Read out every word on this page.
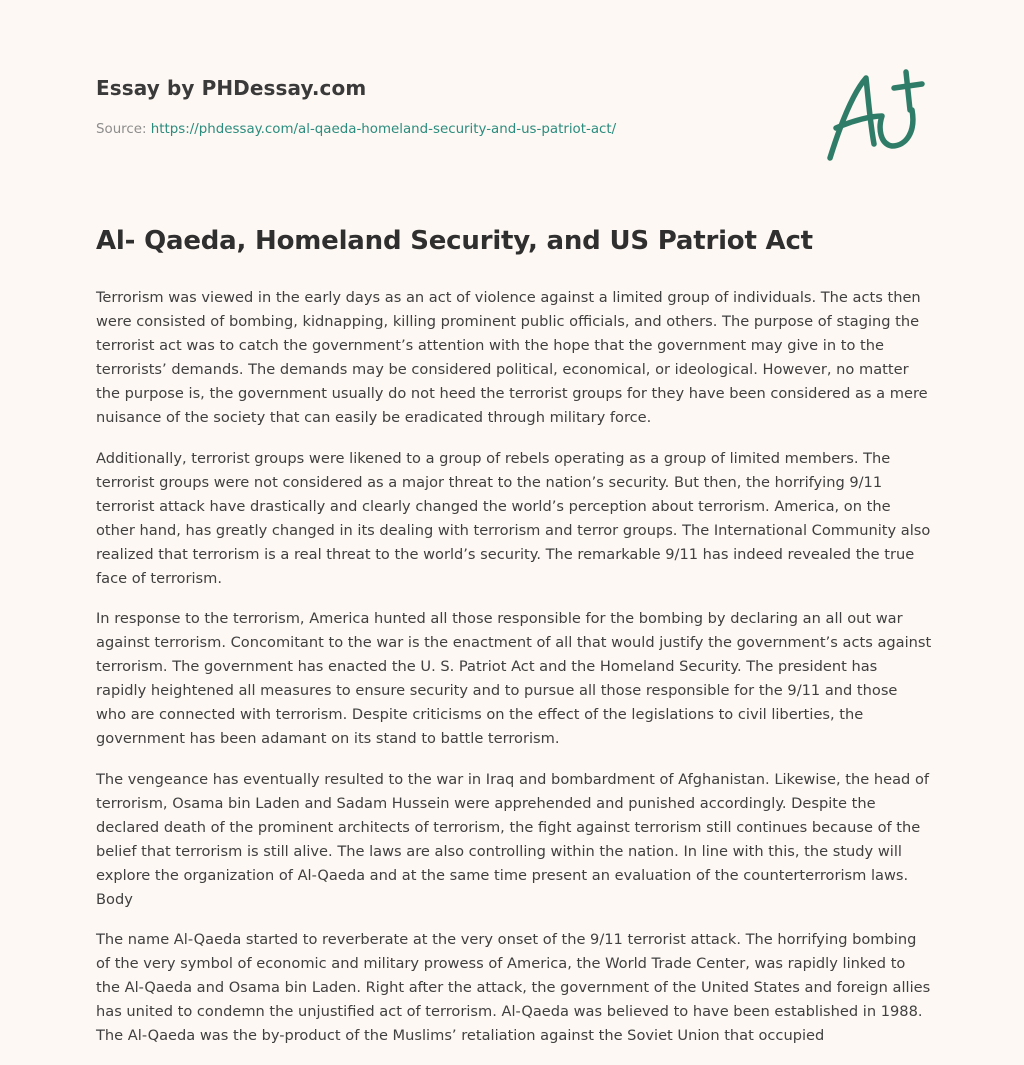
Essay by PHDessay.com
Source: https://phdessay.com/al-qaeda-homeland-security-and-us-patriot-act/
Al- Qaeda, Homeland Security, and US Patriot Act

Terrorism was viewed in the early days as an act of violence against a limited group of individuals. The acts then were consisted of bombing, kidnapping, killing prominent public officials, and others. The purpose of staging the terrorist act was to catch the government’s attention with the hope that the government may give in to the terrorists’ demands. The demands may be considered political, economical, or ideological. However, no matter the purpose is, the government usually do not heed the terrorist groups for they have been considered as a mere nuisance of the society that can easily be eradicated through military force.

Additionally, terrorist groups were likened to a group of rebels operating as a group of limited members. The terrorist groups were not considered as a major threat to the nation’s security. But then, the horrifying 9/11 terrorist attack have drastically and clearly changed the world’s perception about terrorism. America, on the other hand, has greatly changed in its dealing with terrorism and terror groups. The International Community also realized that terrorism is a real threat to the world’s security. The remarkable 9/11 has indeed revealed the true face of terrorism.

In response to the terrorism, America hunted all those responsible for the bombing by declaring an all out war against terrorism. Concomitant to the war is the enactment of all that would justify the government’s acts against terrorism. The government has enacted the U. S. Patriot Act and the Homeland Security. The president has rapidly heightened all measures to ensure security and to pursue all those responsible for the 9/11 and those who are connected with terrorism. Despite criticisms on the effect of the legislations to civil liberties, the government has been adamant on its stand to battle terrorism.

The vengeance has eventually resulted to the war in Iraq and bombardment of Afghanistan. Likewise, the head of terrorism, Osama bin Laden and Sadam Hussein were apprehended and punished accordingly. Despite the declared death of the prominent architects of terrorism, the fight against terrorism still continues because of the belief that terrorism is still alive. The laws are also controlling within the nation. In line with this, the study will explore the organization of Al-Qaeda and at the same time present an evaluation of the counterterrorism laws. Body

The name Al-Qaeda started to reverberate at the very onset of the 9/11 terrorist attack. The horrifying bombing of the very symbol of economic and military prowess of America, the World Trade Center, was rapidly linked to the Al-Qaeda and Osama bin Laden. Right after the attack, the government of the United States and foreign allies has united to condemn the unjustified act of terrorism. Al-Qaeda was believed to have been established in 1988. The Al-Qaeda was the by-product of the Muslims’ retaliation against the Soviet Union that occupied
